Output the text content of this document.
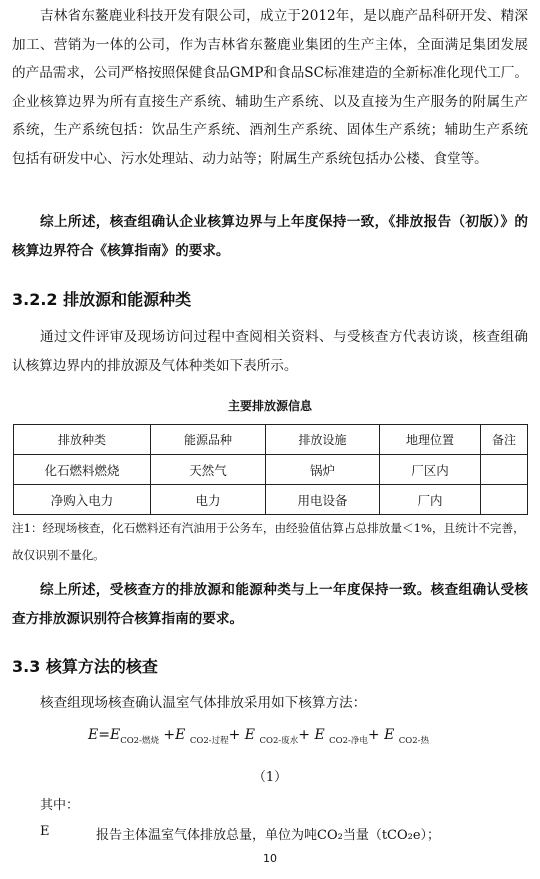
吉林省东鳌鹿业科技开发有限公司，成立于2012年，是以鹿产品科研开发、精深加工、营销为一体的公司，作为吉林省东鳌鹿业集团的生产主体，全面满足集团发展的产品需求，公司严格按照保健食品GMP和食品SC标准建造的全新标准化现代工厂。企业核算边界为所有直接生产系统、辅助生产系统、以及直接为生产服务的附属生产系统，生产系统包括：饮品生产系统、酒剂生产系统、固体生产系统；辅助生产系统包括有研发中心、污水处理站、动力站等；附属生产系统包括办公楼、食堂等。

综上所述，核查组确认企业核算边界与上年度保持一致，《排放报告（初版）》的核算边界符合《核算指南》的要求。

3.2.2 排放源和能源种类

通过文件评审及现场访问过程中查阅相关资料、与受核查方代表访谈，核查组确认核算边界内的排放源及气体种类如下表所示。

主要排放源信息
排放种类	能源品种	排放设施	地理位置	备注
化石燃料燃烧	天然气	锅炉	厂区内	
净购入电力	电力	用电设备	厂内	

注1：经现场核查，化石燃料还有汽油用于公务车，由经验值估算占总排放量＜1%，且统计不完善，故仅识别不量化。

综上所述，受核查方的排放源和能源种类与上一年度保持一致。核查组确认受核查方排放源识别符合核算指南的要求。

3.3 核算方法的核查

核查组现场核查确认温室气体排放采用如下核算方法：

$E=E_{CO2-燃烧} +E$ $_{CO2-过程}$+ E $_{CO2-废水}$+ E $_{CO2-净电}$+ E $_{CO2-热}$
（1）
其中：
E	报告主体温室气体排放总量，单位为吨CO₂当量（tCO₂e）；
10
